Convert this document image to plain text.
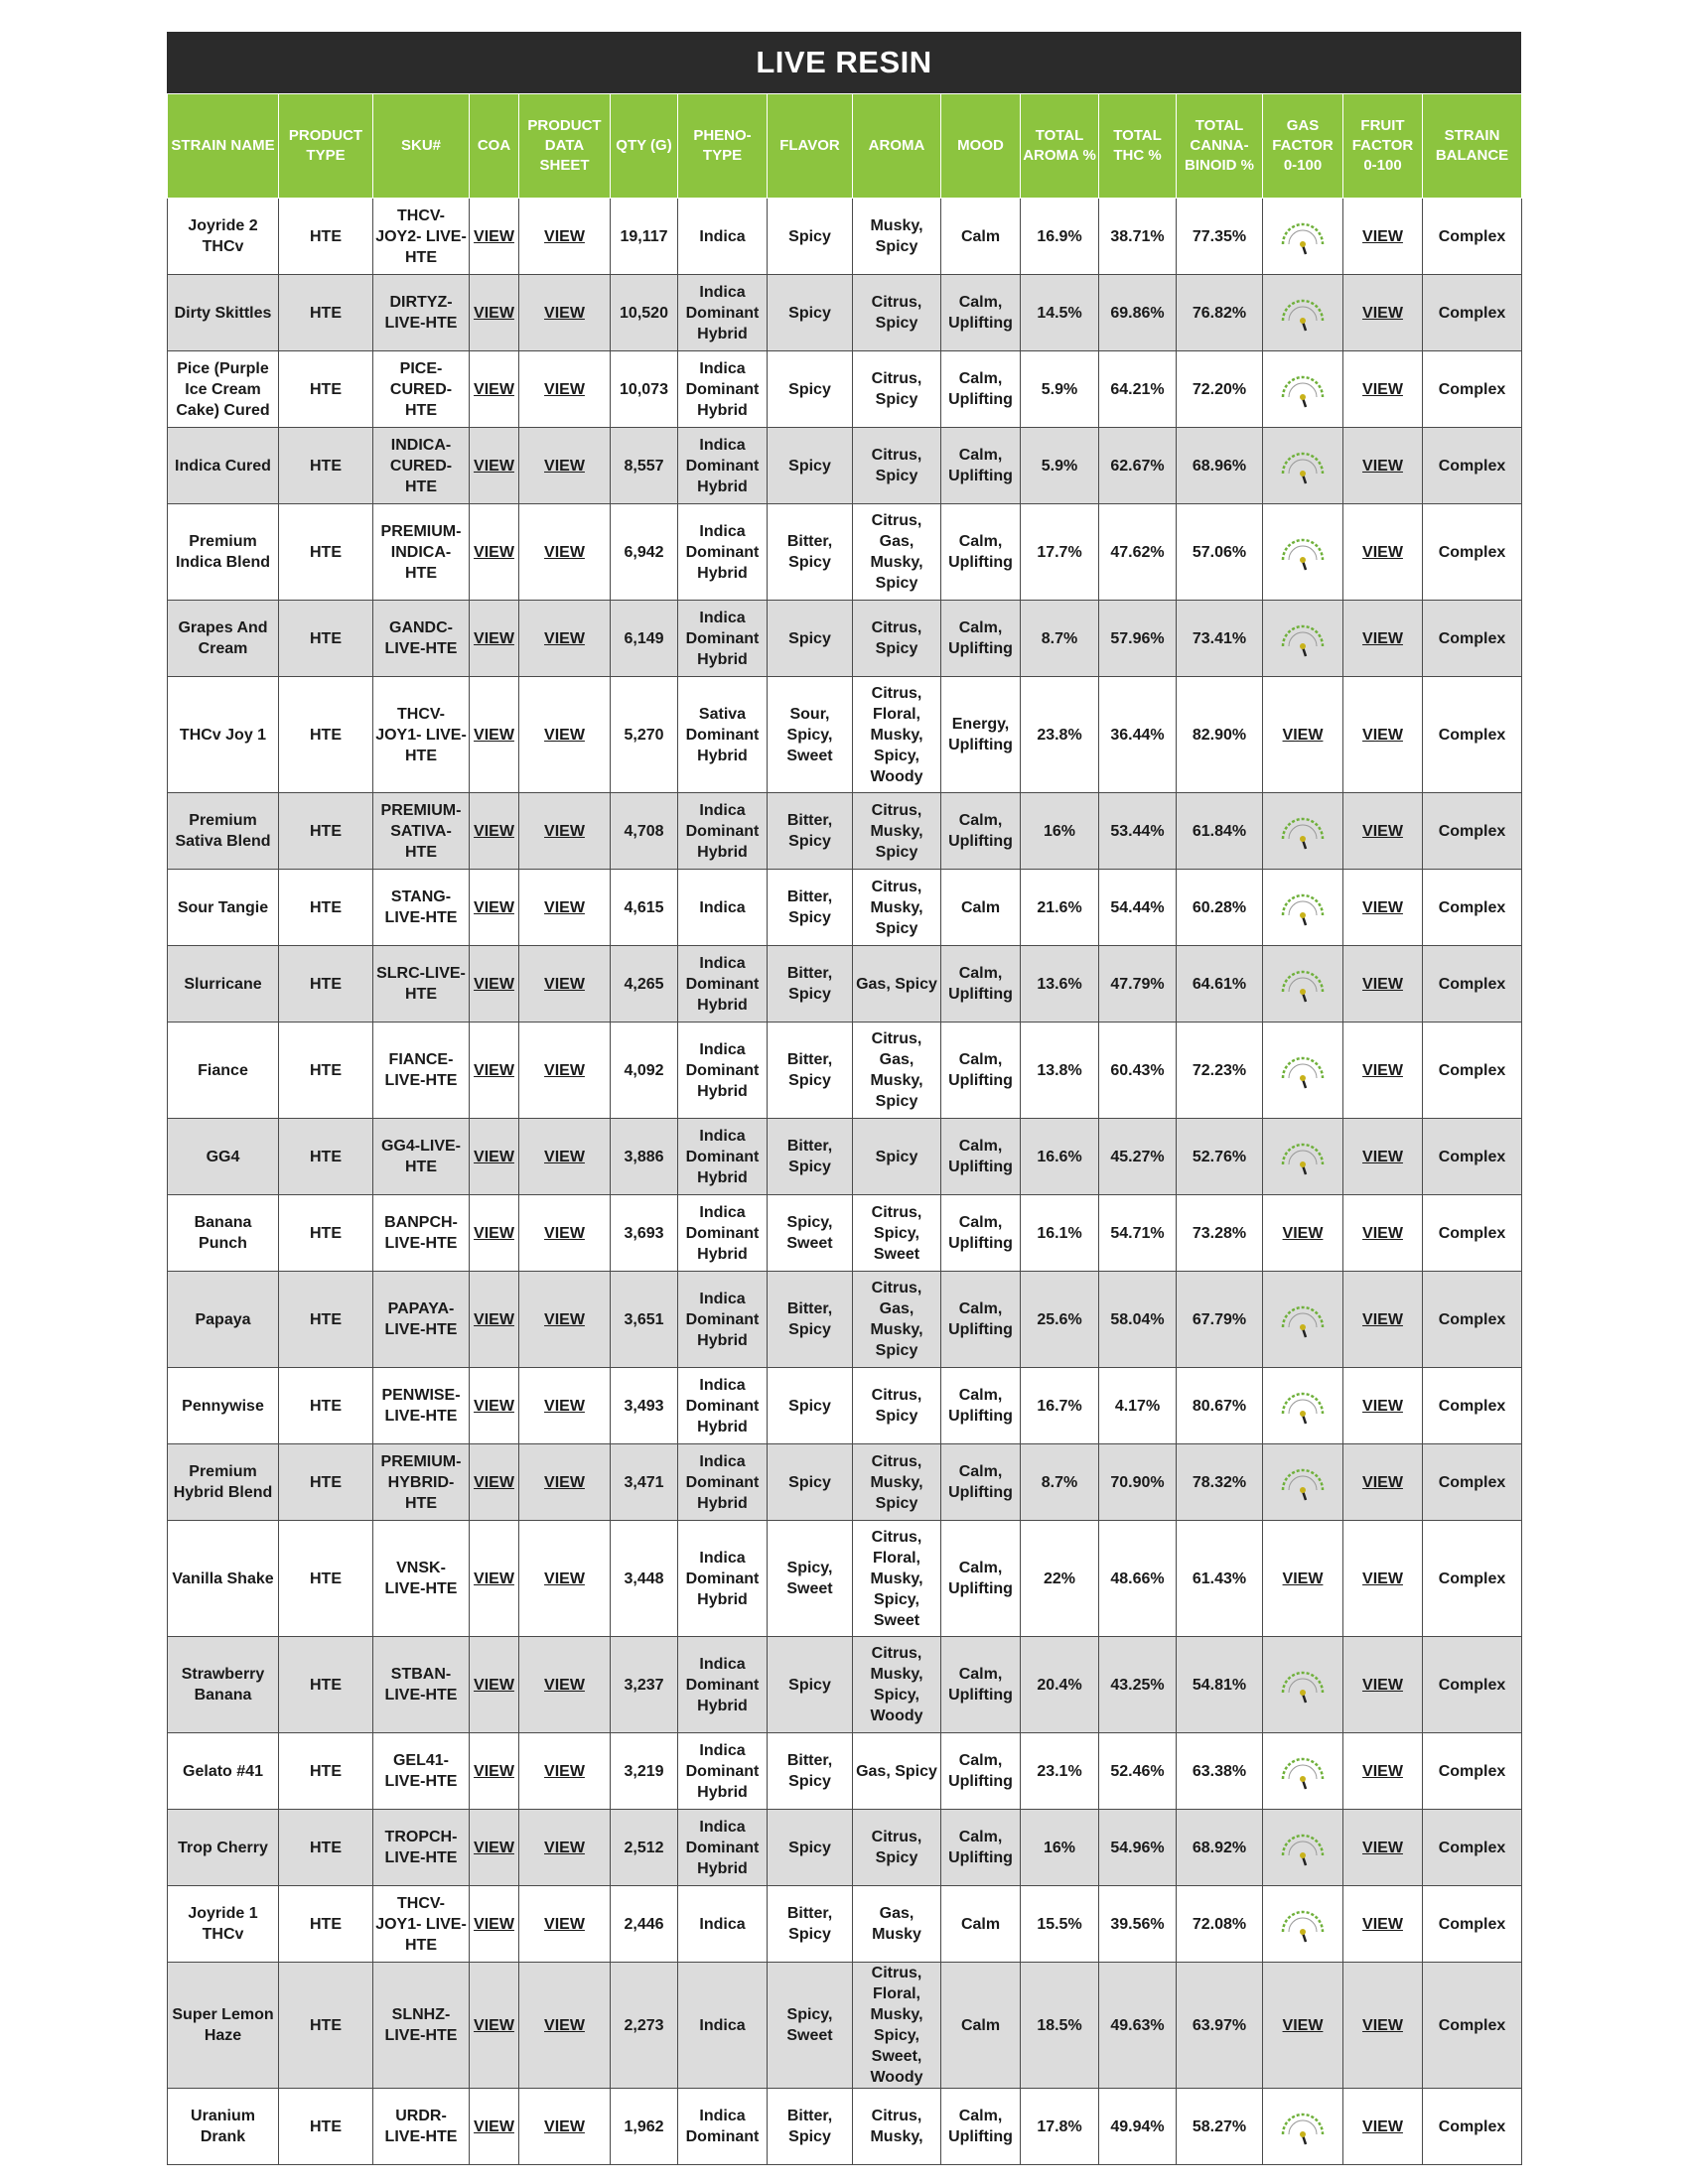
LIVE RESIN
STRAIN NAME	PRODUCT TYPE	SKU#	COA	PRODUCT DATA SHEET	QTY (G)	PHENO- TYPE	FLAVOR	AROMA	MOOD	TOTAL AROMA %	TOTAL THC %	TOTAL CANNA- BINOID %	GAS FACTOR 0-100	FRUIT FACTOR 0-100	STRAIN BALANCE
Joyride 2 THCv	HTE	THCV- JOY2- LIVE-HTE	VIEW	VIEW	19,117	Indica	Spicy	Musky, Spicy	Calm	16.9%	38.71%	77.35%		VIEW	Complex
Dirty Skittles	HTE	DIRTYZ- LIVE-HTE	VIEW	VIEW	10,520	Indica Dominant Hybrid	Spicy	Citrus, Spicy	Calm, Uplifting	14.5%	69.86%	76.82%		VIEW	Complex
Pice (Purple Ice Cream Cake) Cured	HTE	PICE- CURED- HTE	VIEW	VIEW	10,073	Indica Dominant Hybrid	Spicy	Citrus, Spicy	Calm, Uplifting	5.9%	64.21%	72.20%		VIEW	Complex
Indica Cured	HTE	INDICA- CURED- HTE	VIEW	VIEW	8,557	Indica Dominant Hybrid	Spicy	Citrus, Spicy	Calm, Uplifting	5.9%	62.67%	68.96%		VIEW	Complex
Premium Indica Blend	HTE	PREMIUM- INDICA- HTE	VIEW	VIEW	6,942	Indica Dominant Hybrid	Bitter, Spicy	Citrus, Gas, Musky, Spicy	Calm, Uplifting	17.7%	47.62%	57.06%		VIEW	Complex
Grapes And Cream	HTE	GANDC- LIVE-HTE	VIEW	VIEW	6,149	Indica Dominant Hybrid	Spicy	Citrus, Spicy	Calm, Uplifting	8.7%	57.96%	73.41%		VIEW	Complex
THCv Joy 1	HTE	THCV- JOY1- LIVE-HTE	VIEW	VIEW	5,270	Sativa Dominant Hybrid	Sour, Spicy, Sweet	Citrus, Floral, Musky, Spicy, Woody	Energy, Uplifting	23.8%	36.44%	82.90%	VIEW	VIEW	Complex
Premium Sativa Blend	HTE	PREMIUM- SATIVA- HTE	VIEW	VIEW	4,708	Indica Dominant Hybrid	Bitter, Spicy	Citrus, Musky, Spicy	Calm, Uplifting	16%	53.44%	61.84%		VIEW	Complex
Sour Tangie	HTE	STANG- LIVE-HTE	VIEW	VIEW	4,615	Indica	Bitter, Spicy	Citrus, Musky, Spicy	Calm	21.6%	54.44%	60.28%		VIEW	Complex
Slurricane	HTE	SLRC-LIVE- HTE	VIEW	VIEW	4,265	Indica Dominant Hybrid	Bitter, Spicy	Gas, Spicy	Calm, Uplifting	13.6%	47.79%	64.61%		VIEW	Complex
Fiance	HTE	FIANCE- LIVE-HTE	VIEW	VIEW	4,092	Indica Dominant Hybrid	Bitter, Spicy	Citrus, Gas, Musky, Spicy	Calm, Uplifting	13.8%	60.43%	72.23%		VIEW	Complex
GG4	HTE	GG4-LIVE- HTE	VIEW	VIEW	3,886	Indica Dominant Hybrid	Bitter, Spicy	Spicy	Calm, Uplifting	16.6%	45.27%	52.76%		VIEW	Complex
Banana Punch	HTE	BANPCH- LIVE-HTE	VIEW	VIEW	3,693	Indica Dominant Hybrid	Spicy, Sweet	Citrus, Spicy, Sweet	Calm, Uplifting	16.1%	54.71%	73.28%	VIEW	VIEW	Complex
Papaya	HTE	PAPAYA- LIVE-HTE	VIEW	VIEW	3,651	Indica Dominant Hybrid	Bitter, Spicy	Citrus, Gas, Musky, Spicy	Calm, Uplifting	25.6%	58.04%	67.79%		VIEW	Complex
Pennywise	HTE	PENWISE- LIVE-HTE	VIEW	VIEW	3,493	Indica Dominant Hybrid	Spicy	Citrus, Spicy	Calm, Uplifting	16.7%	4.17%	80.67%		VIEW	Complex
Premium Hybrid Blend	HTE	PREMIUM- HYBRID- HTE	VIEW	VIEW	3,471	Indica Dominant Hybrid	Spicy	Citrus, Musky, Spicy	Calm, Uplifting	8.7%	70.90%	78.32%		VIEW	Complex
Vanilla Shake	HTE	VNSK- LIVE-HTE	VIEW	VIEW	3,448	Indica Dominant Hybrid	Spicy, Sweet	Citrus, Floral, Musky, Spicy, Sweet	Calm, Uplifting	22%	48.66%	61.43%	VIEW	VIEW	Complex
Strawberry Banana	HTE	STBAN- LIVE-HTE	VIEW	VIEW	3,237	Indica Dominant Hybrid	Spicy	Citrus, Musky, Spicy, Woody	Calm, Uplifting	20.4%	43.25%	54.81%		VIEW	Complex
Gelato #41	HTE	GEL41- LIVE-HTE	VIEW	VIEW	3,219	Indica Dominant Hybrid	Bitter, Spicy	Gas, Spicy	Calm, Uplifting	23.1%	52.46%	63.38%		VIEW	Complex
Trop Cherry	HTE	TROPCH- LIVE-HTE	VIEW	VIEW	2,512	Indica Dominant Hybrid	Spicy	Citrus, Spicy	Calm, Uplifting	16%	54.96%	68.92%		VIEW	Complex
Joyride 1 THCv	HTE	THCV- JOY1- LIVE-HTE	VIEW	VIEW	2,446	Indica	Bitter, Spicy	Gas, Musky	Calm	15.5%	39.56%	72.08%		VIEW	Complex
Super Lemon Haze	HTE	SLNHZ- LIVE-HTE	VIEW	VIEW	2,273	Indica	Spicy, Sweet	Citrus, Floral, Musky, Spicy, Sweet, Woody	Calm	18.5%	49.63%	63.97%	VIEW	VIEW	Complex
Uranium Drank	HTE	URDR- LIVE-HTE	VIEW	VIEW	1,962	Indica Dominant	Bitter, Spicy	Citrus, Musky,	Calm, Uplifting	17.8%	49.94%	58.27%		VIEW	Complex
